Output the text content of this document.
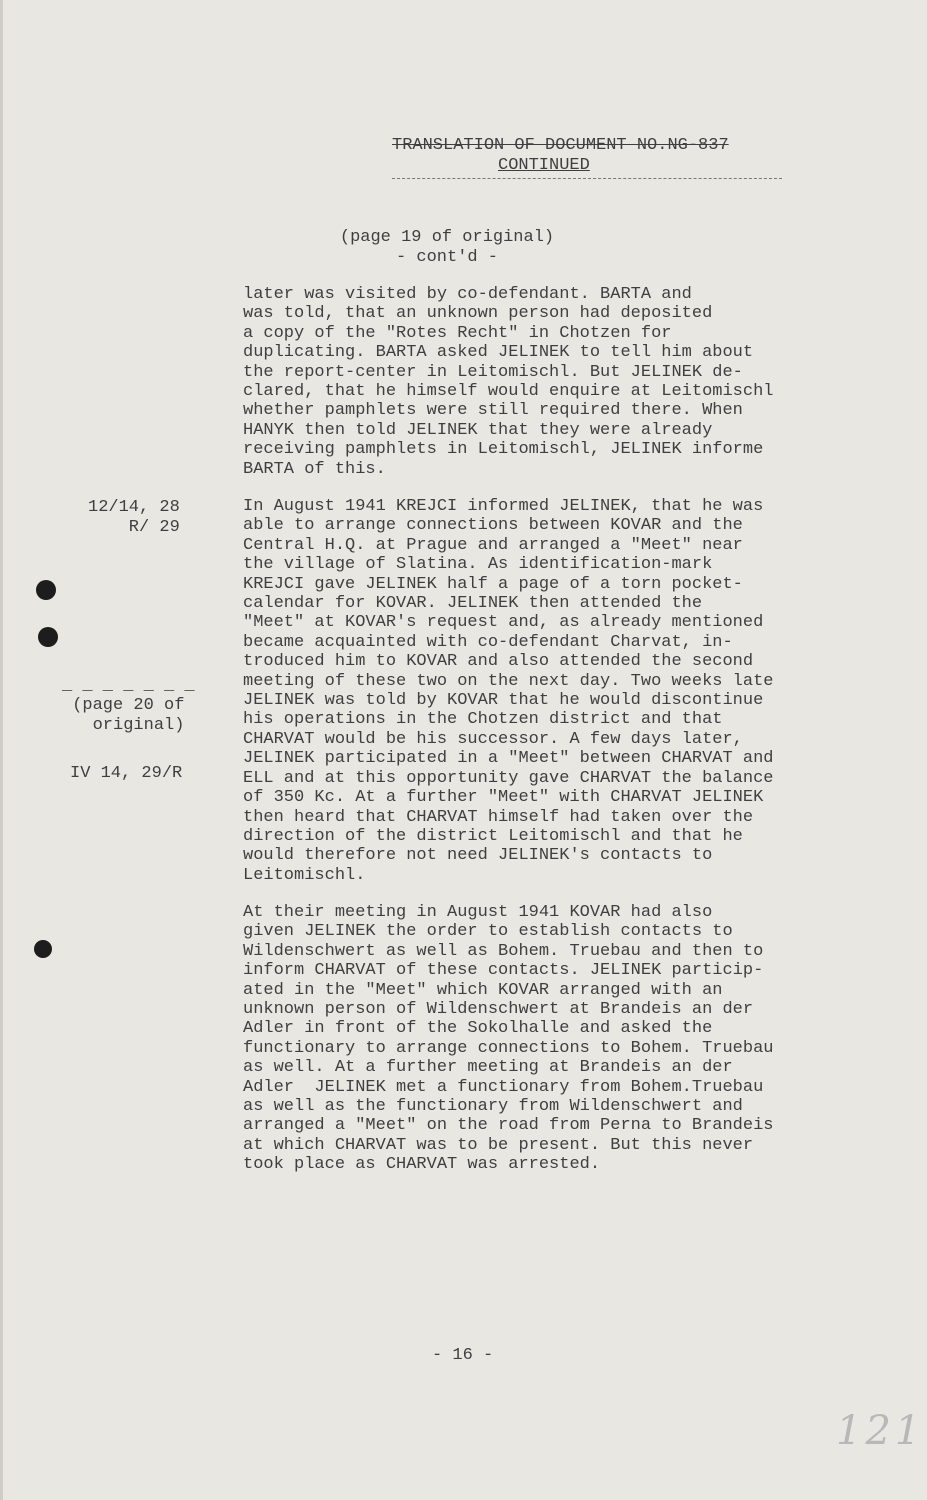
TRANSLATION OF DOCUMENT NO.NG-837
CONTINUED
(page 19 of original)
- cont'd -
later was visited by co-defendant. BARTA and
was told, that an unknown person had deposited
a copy of the "Rotes Recht" in Chotzen for
duplicating. BARTA asked JELINEK to tell him about
the report-center in Leitomischl. But JELINEK de-
clared, that he himself would enquire at Leitomischl
whether pamphlets were still required there. When
HANYK then told JELINEK that they were already
receiving pamphlets in Leitomischl, JELINEK informe
BARTA of this.
In August 1941 KREJCI informed JELINEK, that he was
able to arrange connections between KOVAR and the
Central H.Q. at Prague and arranged a "Meet" near
the village of Slatina. As identification-mark
KREJCI gave JELINEK half a page of a torn pocket-
calendar for KOVAR. JELINEK then attended the
"Meet" at KOVAR's request and, as already mentioned
became acquainted with co-defendant Charvat, in-
troduced him to KOVAR and also attended the second
meeting of these two on the next day. Two weeks late
JELINEK was told by KOVAR that he would discontinue
his operations in the Chotzen district and that
CHARVAT would be his successor. A few days later,
JELINEK participated in a "Meet" between CHARVAT and
ELL and at this opportunity gave CHARVAT the balance
of 350 Kc. At a further "Meet" with CHARVAT JELINEK
then heard that CHARVAT himself had taken over the
direction of the district Leitomischl and that he
would therefore not need JELINEK's contacts to
Leitomischl.
At their meeting in August 1941 KOVAR had also
given JELINEK the order to establish contacts to
Wildenschwert as well as Bohem. Truebau and then to
inform CHARVAT of these contacts. JELINEK particip-
ated in the "Meet" which KOVAR arranged with an
unknown person of Wildenschwert at Brandeis an der
Adler in front of the Sokolhalle and asked the
functionary to arrange connections to Bohem. Truebau
as well. At a further meeting at Brandeis an der
Adler  JELINEK met a functionary from Bohem.Truebau
as well as the functionary from Wildenschwert and
arranged a "Meet" on the road from Perna to Brandeis
at which CHARVAT was to be present. But this never
took place as CHARVAT was arrested.
12/14, 28
R/ 29
_ _ _ _ _ _ _
(page 20 of
original)
IV 14, 29/R
- 16 -
121
